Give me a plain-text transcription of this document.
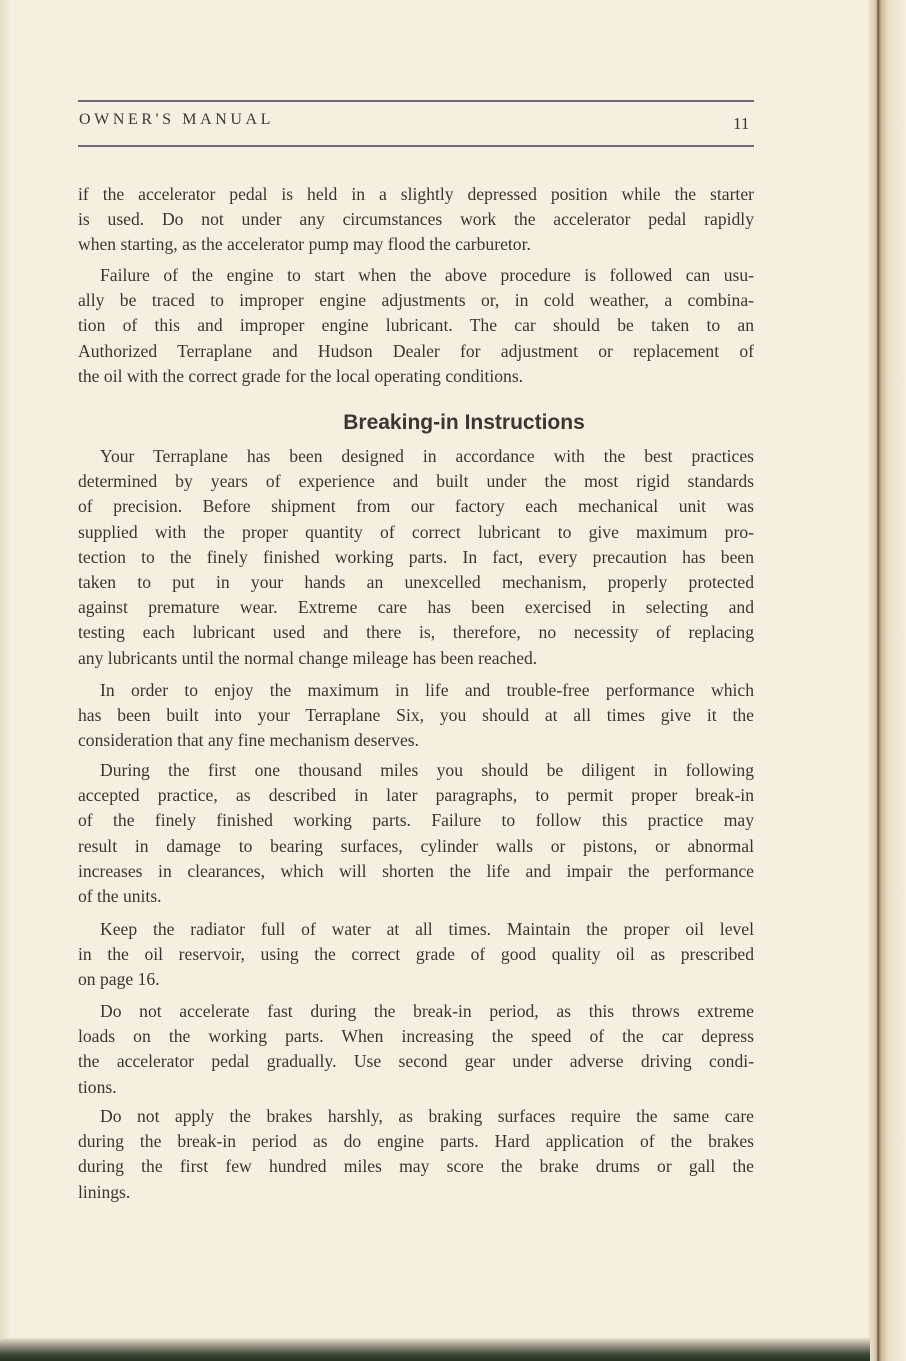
OWNER'S MANUAL	11
Breaking-in Instructions
if the accelerator pedal is held in a slightly depressed position while the starter
is used. Do not under any circumstances work the accelerator pedal rapidly
when starting, as the accelerator pump may flood the carburetor.
Failure of the engine to start when the above procedure is followed can usu-
ally be traced to improper engine adjustments or, in cold weather, a combina-
tion of this and improper engine lubricant. The car should be taken to an
Authorized Terraplane and Hudson Dealer for adjustment or replacement of
the oil with the correct grade for the local operating conditions.
Your Terraplane has been designed in accordance with the best practices
determined by years of experience and built under the most rigid standards
of precision. Before shipment from our factory each mechanical unit was
supplied with the proper quantity of correct lubricant to give maximum pro-
tection to the finely finished working parts. In fact, every precaution has been
taken to put in your hands an unexcelled mechanism, properly protected
against premature wear. Extreme care has been exercised in selecting and
testing each lubricant used and there is, therefore, no necessity of replacing
any lubricants until the normal change mileage has been reached.
In order to enjoy the maximum in life and trouble-free performance which
has been built into your Terraplane Six, you should at all times give it the
consideration that any fine mechanism deserves.
During the first one thousand miles you should be diligent in following
accepted practice, as described in later paragraphs, to permit proper break-in
of the finely finished working parts. Failure to follow this practice may
result in damage to bearing surfaces, cylinder walls or pistons, or abnormal
increases in clearances, which will shorten the life and impair the performance
of the units.
Keep the radiator full of water at all times. Maintain the proper oil level
in the oil reservoir, using the correct grade of good quality oil as prescribed
on page 16.
Do not accelerate fast during the break-in period, as this throws extreme
loads on the working parts. When increasing the speed of the car depress
the accelerator pedal gradually. Use second gear under adverse driving condi-
tions.
Do not apply the brakes harshly, as braking surfaces require the same care
during the break-in period as do engine parts. Hard application of the brakes
during the first few hundred miles may score the brake drums or gall the
linings.
